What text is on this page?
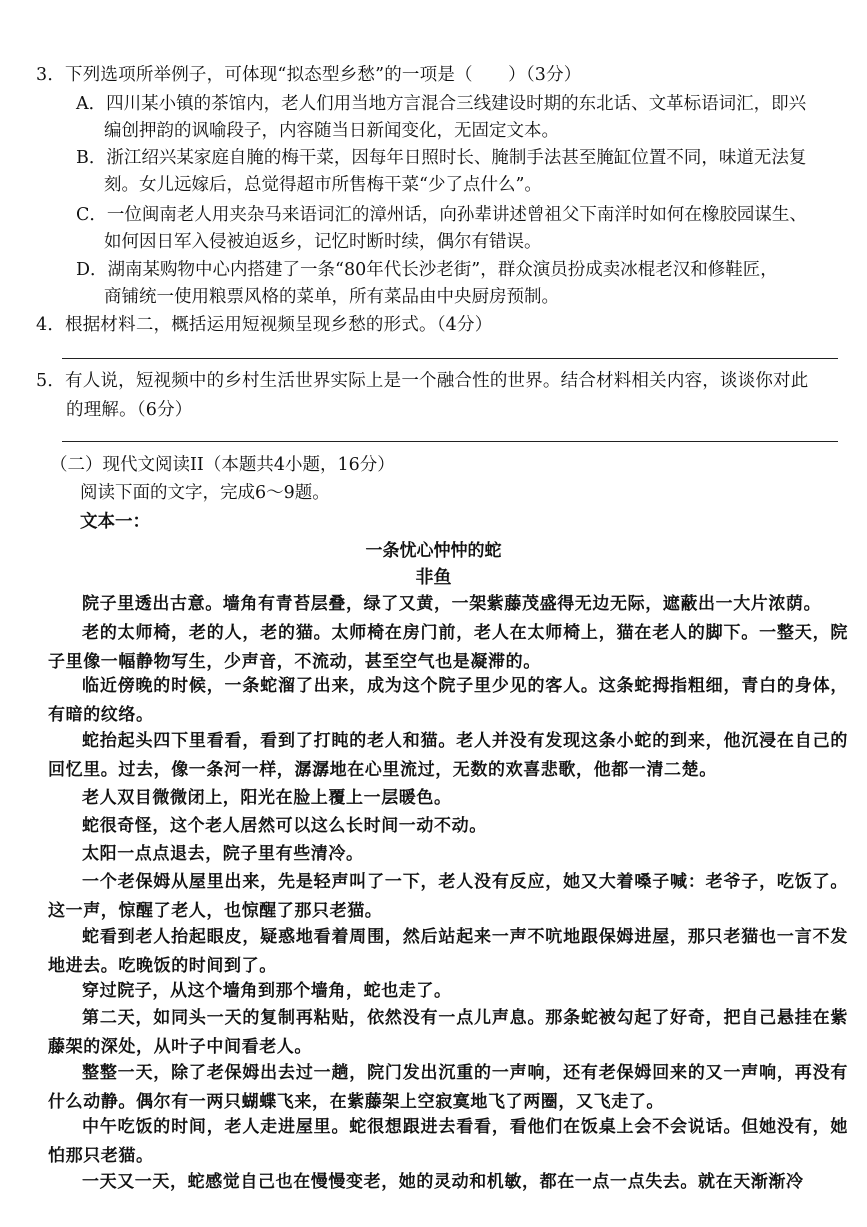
3．下列选项所举例子，可体现“拟态型乡愁”的一项是（　　）（3分）
A．四川某小镇的茶馆内，老人们用当地方言混合三线建设时期的东北话、文革标语词汇，即兴
编创押韵的讽喻段子，内容随当日新闻变化，无固定文本。
B．浙江绍兴某家庭自腌的梅干菜，因每年日照时长、腌制手法甚至腌缸位置不同，味道无法复
刻。女儿远嫁后，总觉得超市所售梅干菜“少了点什么”。
C．一位闽南老人用夹杂马来语词汇的漳州话，向孙辈讲述曾祖父下南洋时如何在橡胶园谋生、
如何因日军入侵被迫返乡，记忆时断时续，偶尔有错误。
D．湖南某购物中心内搭建了一条“80年代长沙老街”，群众演员扮成卖冰棍老汉和修鞋匠，
商铺统一使用粮票风格的菜单，所有菜品由中央厨房预制。
4．根据材料二，概括运用短视频呈现乡愁的形式。（4分）
5．有人说，短视频中的乡村生活世界实际上是一个融合性的世界。结合材料相关内容，谈谈你对此
的理解。（6分）
（二）现代文阅读II（本题共4小题，16分）
阅读下面的文字，完成6～9题。
文本一：
一条忧心忡忡的蛇
非鱼
院子里透出古意。墙角有青苔层叠，绿了又黄，一架紫藤茂盛得无边无际，遮蔽出一大片浓荫。
老的太师椅，老的人，老的猫。太师椅在房门前，老人在太师椅上，猫在老人的脚下。一整天，院子里像一幅静物写生，少声音，不流动，甚至空气也是凝滞的。
临近傍晚的时候，一条蛇溜了出来，成为这个院子里少见的客人。这条蛇拇指粗细，青白的身体，有暗的纹络。
蛇抬起头四下里看看，看到了打盹的老人和猫。老人并没有发现这条小蛇的到来，他沉浸在自己的回忆里。过去，像一条河一样，潺潺地在心里流过，无数的欢喜悲歌，他都一清二楚。
老人双目微微闭上，阳光在脸上覆上一层暖色。
蛇很奇怪，这个老人居然可以这么长时间一动不动。
太阳一点点退去，院子里有些清冷。
一个老保姆从屋里出来，先是轻声叫了一下，老人没有反应，她又大着嗓子喊：老爷子，吃饭了。这一声，惊醒了老人，也惊醒了那只老猫。
蛇看到老人抬起眼皮，疑惑地看着周围，然后站起来一声不吭地跟保姆进屋，那只老猫也一言不发地进去。吃晚饭的时间到了。
穿过院子，从这个墙角到那个墙角，蛇也走了。
第二天，如同头一天的复制再粘贴，依然没有一点儿声息。那条蛇被勾起了好奇，把自己悬挂在紫藤架的深处，从叶子中间看老人。
整整一天，除了老保姆出去过一趟，院门发出沉重的一声响，还有老保姆回来的又一声响，再没有什么动静。偶尔有一两只蝴蝶飞来，在紫藤架上空寂寞地飞了两圈，又飞走了。
中午吃饭的时间，老人走进屋里。蛇很想跟进去看看，看他们在饭桌上会不会说话。但她没有，她怕那只老猫。
一天又一天，蛇感觉自己也在慢慢变老，她的灵动和机敏，都在一点一点失去。就在天渐渐冷
